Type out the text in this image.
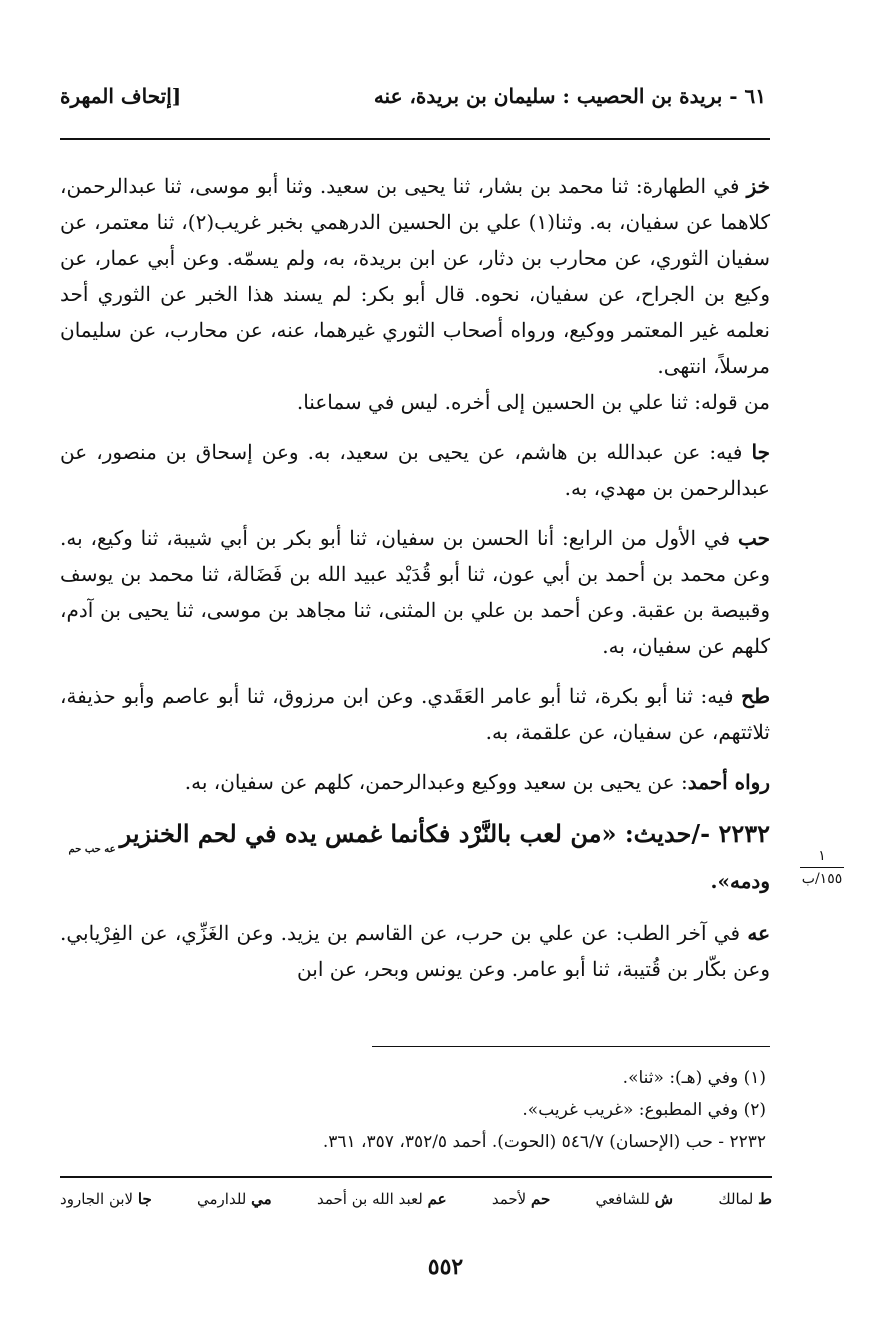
٦١ - بريدة بن الحصيب : سليمان بن بريدة، عنه
[إتحاف المهرة

خز في الطهارة: ثنا محمد بن بشار، ثنا يحيى بن سعيد. وثنا أبو موسى، ثنا عبدالرحمن، كلاهما عن سفيان، به. وثنا(١) علي بن الحسين الدرهمي بخبر غريب(٢)، ثنا معتمر، عن سفيان الثوري، عن محارب بن دثار، عن ابن بريدة، به، ولم يسمّه. وعن أبي عمار، عن وكيع بن الجراح، عن سفيان، نحوه. قال أبو بكر: لم يسند هذا الخبر عن الثوري أحد نعلمه غير المعتمر ووكيع، ورواه أصحاب الثوري غيرهما، عنه، عن محارب، عن سليمان مرسلاً، انتهى.

من قوله: ثنا علي بن الحسين إلى أخره. ليس في سماعنا.

جا فيه: عن عبدالله بن هاشم، عن يحيى بن سعيد، به. وعن إسحاق بن منصور، عن عبدالرحمن بن مهدي، به.

حب في الأول من الرابع: أنا الحسن بن سفيان، ثنا أبو بكر بن أبي شيبة، ثنا وكيع، به. وعن محمد بن أحمد بن أبي عون، ثنا أبو قُدَيْد عبيد الله بن فَضَالة، ثنا محمد بن يوسف وقبيصة بن عقبة. وعن أحمد بن علي بن المثنى، ثنا مجاهد بن موسى، ثنا يحيى بن آدم، كلهم عن سفيان، به.

طح فيه: ثنا أبو بكرة، ثنا أبو عامر العَقَدي. وعن ابن مرزوق، ثنا أبو عاصم وأبو حذيفة، ثلاثتهم، عن سفيان، عن علقمة، به.

رواه أحمد: عن يحيى بن سعيد ووكيع وعبدالرحمن، كلهم عن سفيان، به.

٢٢٣٢ -/حديث: «من لعب بالنَّرْد فكأنما غمس يده في لحم الخنزيرعه حب حم
ودمه».

عه في آخر الطب: عن علي بن حرب، عن القاسم بن يزيد. وعن الغَزِّي، عن الفِرْيابي. وعن بكّار بن قُتيبة، ثنا أبو عامر. وعن يونس وبحر، عن ابن

١
١٥٥/ب

(١) وفي (هـ): «ثنا».

(٢) وفي المطبوع: «غريب غريب».

٢٢٣٢ - حب (الإحسان) ٥٤٦/٧ (الحوت). أحمد ٣٥٢/٥، ٣٥٧، ٣٦١.

ط لمالك
ش للشافعي
حم لأحمد
عم لعبد الله بن أحمد
مي للدارمي
جا لابن الجارود
٥٥٢
